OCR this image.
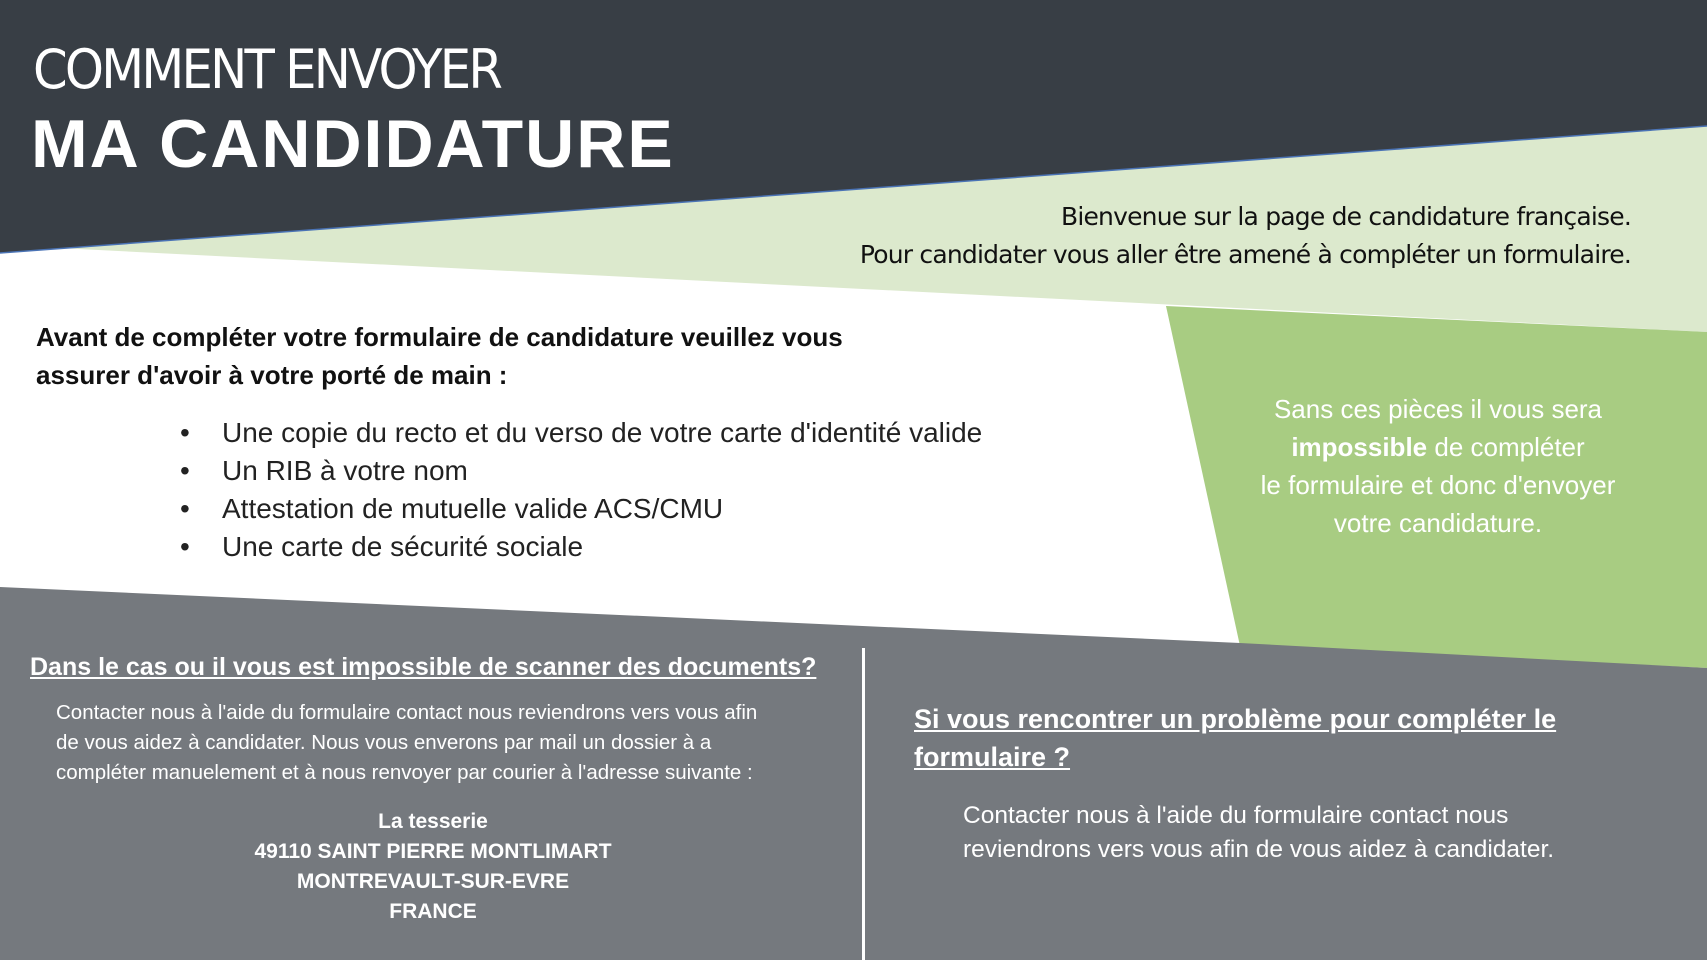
COMMENT ENVOYER
MA CANDIDATURE
Bienvenue sur la page de candidature française.
Pour candidater vous aller être amené à compléter un formulaire.
Avant de compléter votre formulaire de candidature veuillez vous
assurer d'avoir à votre porté de main :
•	Une copie du recto et du verso de votre carte d'identité valide
•	Un RIB à votre nom
•	Attestation de mutuelle valide ACS/CMU
•	Une carte de sécurité sociale
Sans ces pièces il vous sera
impossible de compléter
le formulaire et donc d'envoyer
votre candidature.
Dans le cas ou il vous est impossible de scanner des documents?
Contacter nous à l'aide du formulaire contact nous reviendrons vers vous afin
de vous aidez à candidater. Nous vous enverons par mail un dossier à a
compléter manuelement et à nous renvoyer par courier à l'adresse suivante :
La tesserie
49110 SAINT PIERRE MONTLIMART
MONTREVAULT-SUR-EVRE
FRANCE
Si vous rencontrer un problème pour compléter le
formulaire ?
Contacter nous à l'aide du formulaire contact nous
reviendrons vers vous afin de vous aidez à candidater.
